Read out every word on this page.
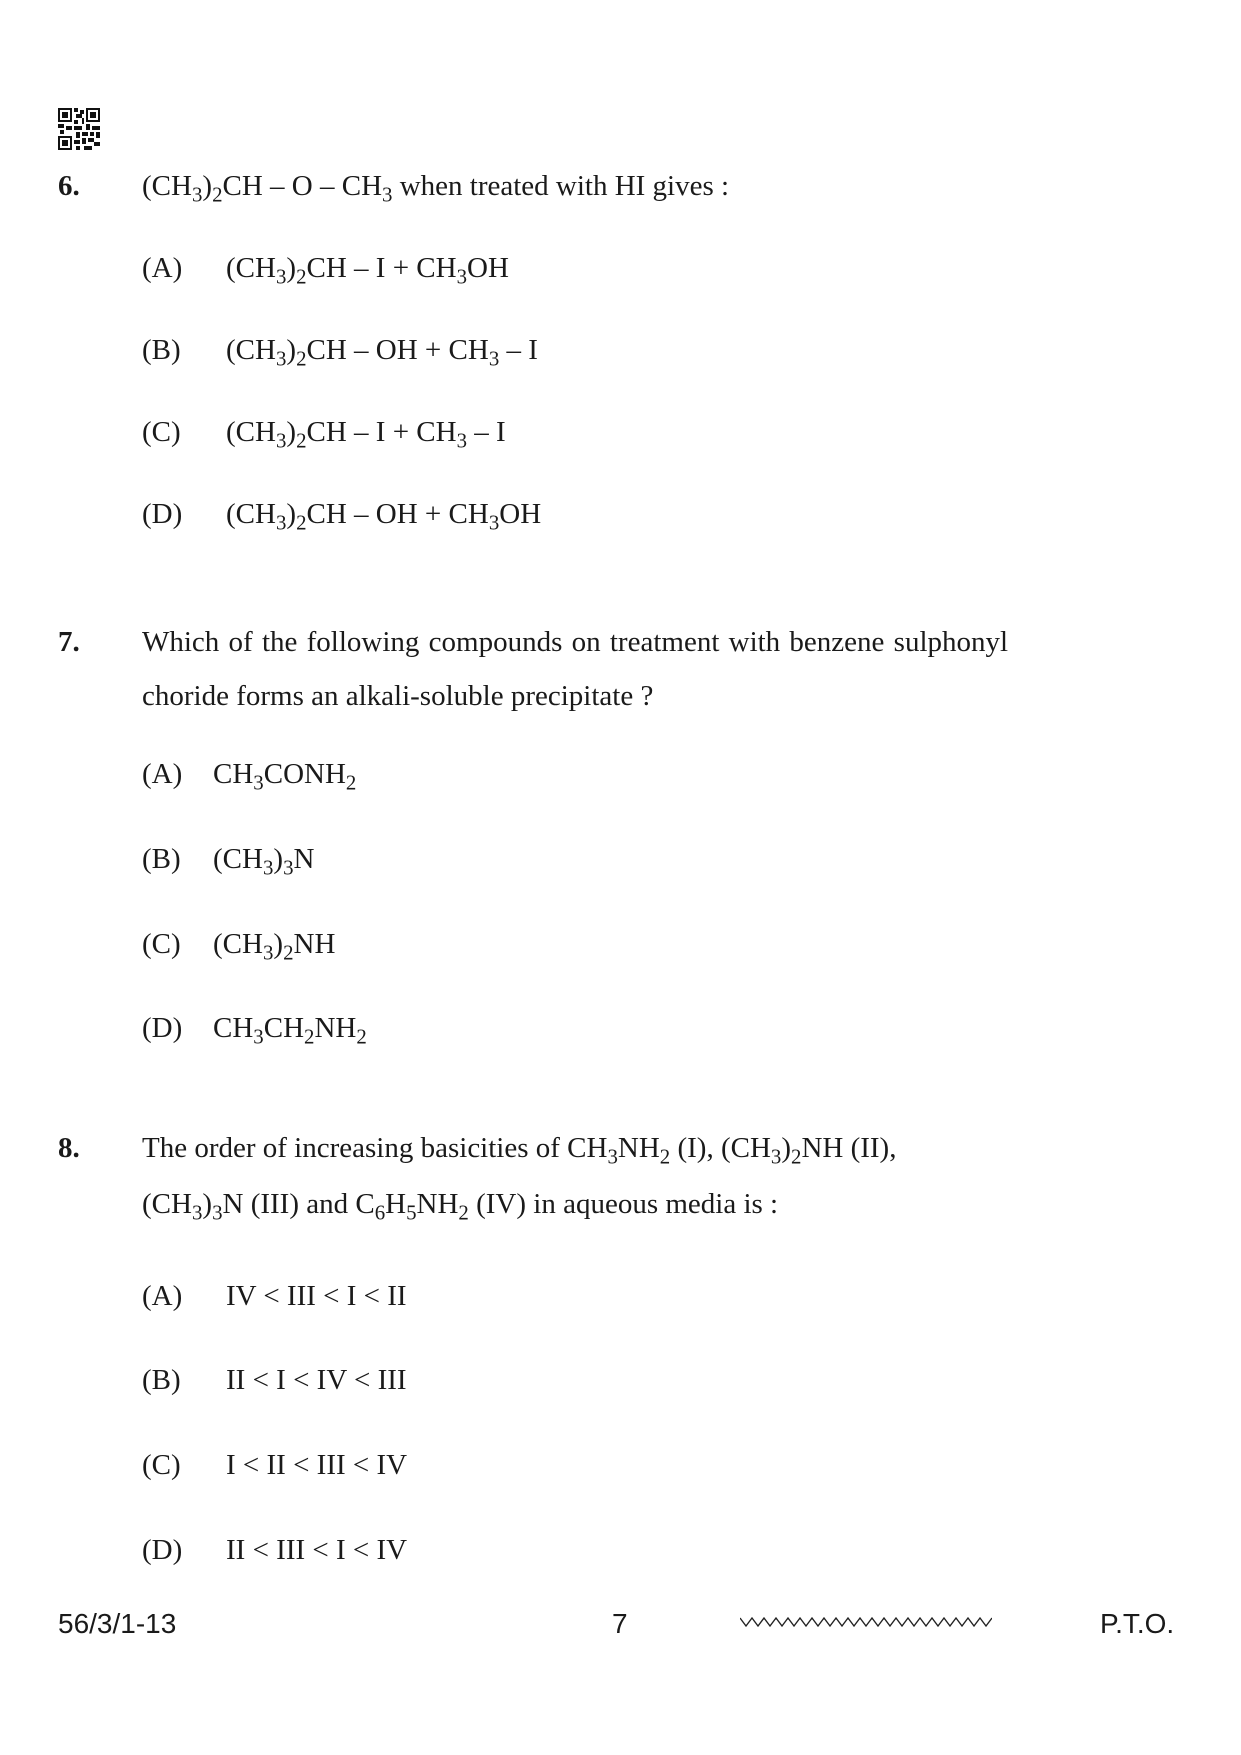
6. $(CH_3)_2CH$ – O – $CH_3$ when treated with HI gives :
(A) $(CH_3)_2CH - I + CH_3OH$
(B) $(CH_3)_2CH$ – OH + $CH_3$ – I
(C) $(CH_3)_2CH - I + CH_3 - I$
(D) $(CH_3)_2CH$ – OH + $CH_3OH$
7. Which of the following compounds on treatment with benzene sulphonyl
choride forms an alkali-soluble precipitate ?
(A) $CH_3CONH_2$
(B) $(CH_3)_3N$
(C) $(CH_3)_2NH$
(D) $CH_3CH_2NH_2$
8. The order of increasing basicities of $CH_3NH_2$ (I), $(CH_3)_2NH$ (II),
$(CH_3)_3N$ (III) and $C_6H_5NH_2$ (IV) in aqueous media is :
(A) IV < III < I < II
(B) II < I < IV < III
(C) I < II < III < IV
(D) II < III < I < IV
56/3/1-13	7	P.T.O.
